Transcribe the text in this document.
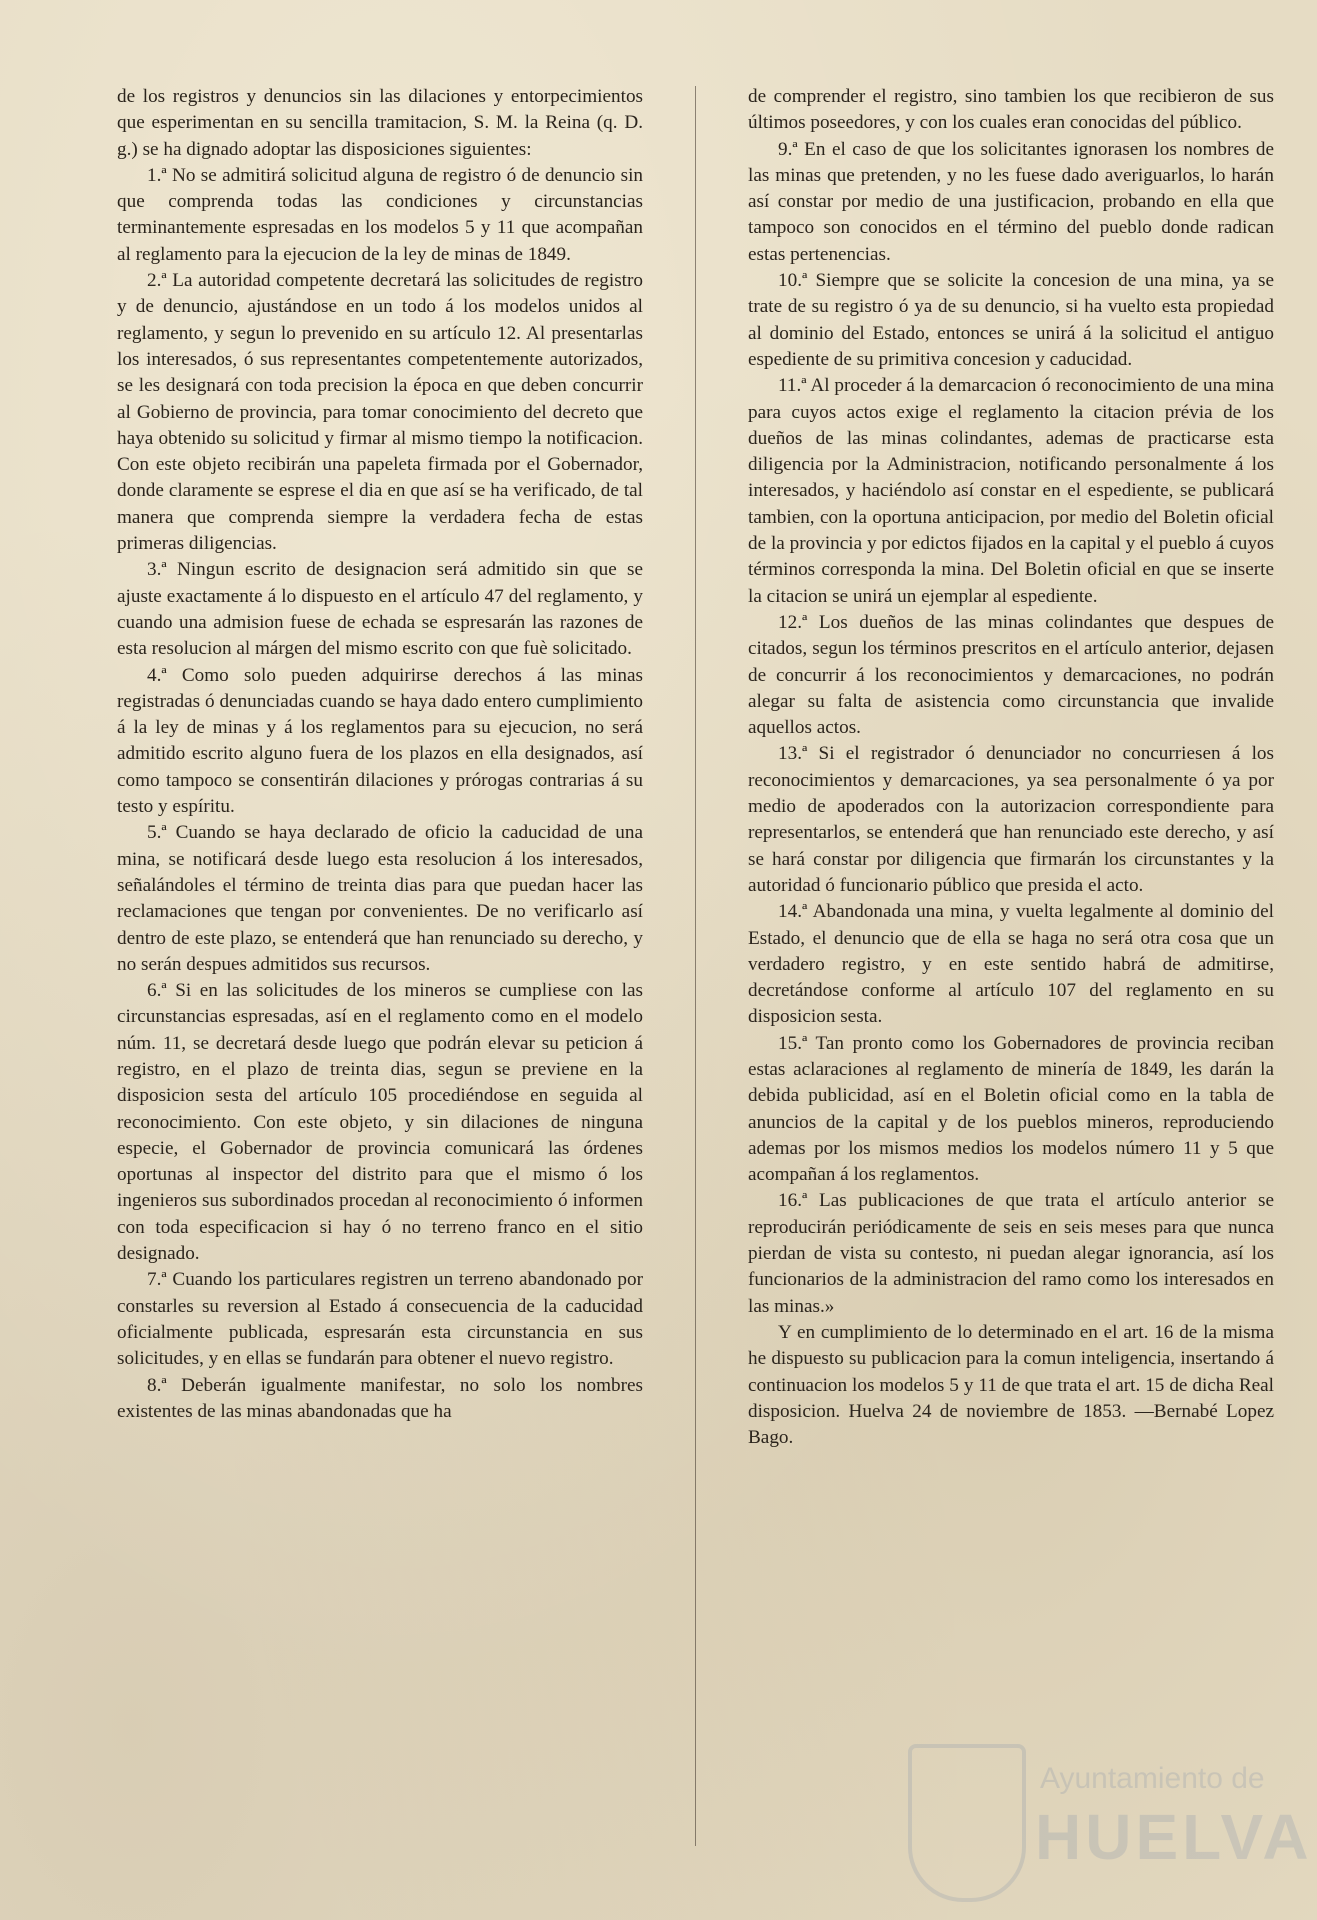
de los registros y denuncios sin las dilaciones y entorpecimientos que esperimentan en su sencilla tramitacion, S. M. la Reina (q. D. g.) se ha dignado adoptar las disposiciones siguientes:

1.ª No se admitirá solicitud alguna de registro ó de denuncio sin que comprenda todas las condiciones y circunstancias terminantemente espresadas en los modelos 5 y 11 que acompañan al reglamento para la ejecucion de la ley de minas de 1849.

2.ª La autoridad competente decretará las solicitudes de registro y de denuncio, ajustándose en un todo á los modelos unidos al reglamento, y segun lo prevenido en su artículo 12. Al presentarlas los interesados, ó sus representantes competentemente autorizados, se les designará con toda precision la época en que deben concurrir al Gobierno de provincia, para tomar conocimiento del decreto que haya obtenido su solicitud y firmar al mismo tiempo la notificacion. Con este objeto recibirán una papeleta firmada por el Gobernador, donde claramente se esprese el dia en que así se ha verificado, de tal manera que comprenda siempre la verdadera fecha de estas primeras diligencias.

3.ª Ningun escrito de designacion será admitido sin que se ajuste exactamente á lo dispuesto en el artículo 47 del reglamento, y cuando una admision fuese de echada se espresarán las razones de esta resolucion al márgen del mismo escrito con que fuè solicitado.

4.ª Como solo pueden adquirirse derechos á las minas registradas ó denunciadas cuando se haya dado entero cumplimiento á la ley de minas y á los reglamentos para su ejecucion, no será admitido escrito alguno fuera de los plazos en ella designados, así como tampoco se consentirán dilaciones y prórogas contrarias á su testo y espíritu.

5.ª Cuando se haya declarado de oficio la caducidad de una mina, se notificará desde luego esta resolucion á los interesados, señalándoles el término de treinta dias para que puedan hacer las reclamaciones que tengan por convenientes. De no verificarlo así dentro de este plazo, se entenderá que han renunciado su derecho, y no serán despues admitidos sus recursos.

6.ª Si en las solicitudes de los mineros se cumpliese con las circunstancias espresadas, así en el reglamento como en el modelo núm. 11, se decretará desde luego que podrán elevar su peticion á registro, en el plazo de treinta dias, segun se previene en la disposicion sesta del artículo 105 procediéndose en seguida al reconocimiento. Con este objeto, y sin dilaciones de ninguna especie, el Gobernador de provincia comunicará las órdenes oportunas al inspector del distrito para que el mismo ó los ingenieros sus subordinados procedan al reconocimiento ó informen con toda especificacion si hay ó no terreno franco en el sitio designado.

7.ª Cuando los particulares registren un terreno abandonado por constarles su reversion al Estado á consecuencia de la caducidad oficialmente publicada, espresarán esta circunstancia en sus solicitudes, y en ellas se fundarán para obtener el nuevo registro.

8.ª Deberán igualmente manifestar, no solo los nombres existentes de las minas abandonadas que ha

de comprender el registro, sino tambien los que recibieron de sus últimos poseedores, y con los cuales eran conocidas del público.

9.ª En el caso de que los solicitantes ignorasen los nombres de las minas que pretenden, y no les fuese dado averiguarlos, lo harán así constar por medio de una justificacion, probando en ella que tampoco son conocidos en el término del pueblo donde radican estas pertenencias.

10.ª Siempre que se solicite la concesion de una mina, ya se trate de su registro ó ya de su denuncio, si ha vuelto esta propiedad al dominio del Estado, entonces se unirá á la solicitud el antiguo espediente de su primitiva concesion y caducidad.

11.ª Al proceder á la demarcacion ó reconocimiento de una mina para cuyos actos exige el reglamento la citacion prévia de los dueños de las minas colindantes, ademas de practicarse esta diligencia por la Administracion, notificando personalmente á los interesados, y haciéndolo así constar en el espediente, se publicará tambien, con la oportuna anticipacion, por medio del Boletin oficial de la provincia y por edictos fijados en la capital y el pueblo á cuyos términos corresponda la mina. Del Boletin oficial en que se inserte la citacion se unirá un ejemplar al espediente.

12.ª Los dueños de las minas colindantes que despues de citados, segun los términos prescritos en el artículo anterior, dejasen de concurrir á los reconocimientos y demarcaciones, no podrán alegar su falta de asistencia como circunstancia que invalide aquellos actos.

13.ª Si el registrador ó denunciador no concurriesen á los reconocimientos y demarcaciones, ya sea personalmente ó ya por medio de apoderados con la autorizacion correspondiente para representarlos, se entenderá que han renunciado este derecho, y así se hará constar por diligencia que firmarán los circunstantes y la autoridad ó funcionario público que presida el acto.

14.ª Abandonada una mina, y vuelta legalmente al dominio del Estado, el denuncio que de ella se haga no será otra cosa que un verdadero registro, y en este sentido habrá de admitirse, decretándose conforme al artículo 107 del reglamento en su disposicion sesta.

15.ª Tan pronto como los Gobernadores de provincia reciban estas aclaraciones al reglamento de minería de 1849, les darán la debida publicidad, así en el Boletin oficial como en la tabla de anuncios de la capital y de los pueblos mineros, reproduciendo ademas por los mismos medios los modelos número 11 y 5 que acompañan á los reglamentos.

16.ª Las publicaciones de que trata el artículo anterior se reproducirán periódicamente de seis en seis meses para que nunca pierdan de vista su contesto, ni puedan alegar ignorancia, así los funcionarios de la administracion del ramo como los interesados en las minas.»

Y en cumplimiento de lo determinado en el art. 16 de la misma he dispuesto su publicacion para la comun inteligencia, insertando á continuacion los modelos 5 y 11 de que trata el art. 15 de dicha Real disposicion. Huelva 24 de noviembre de 1853. —Bernabé Lopez Bago.

Ayuntamiento de
HUELVA
